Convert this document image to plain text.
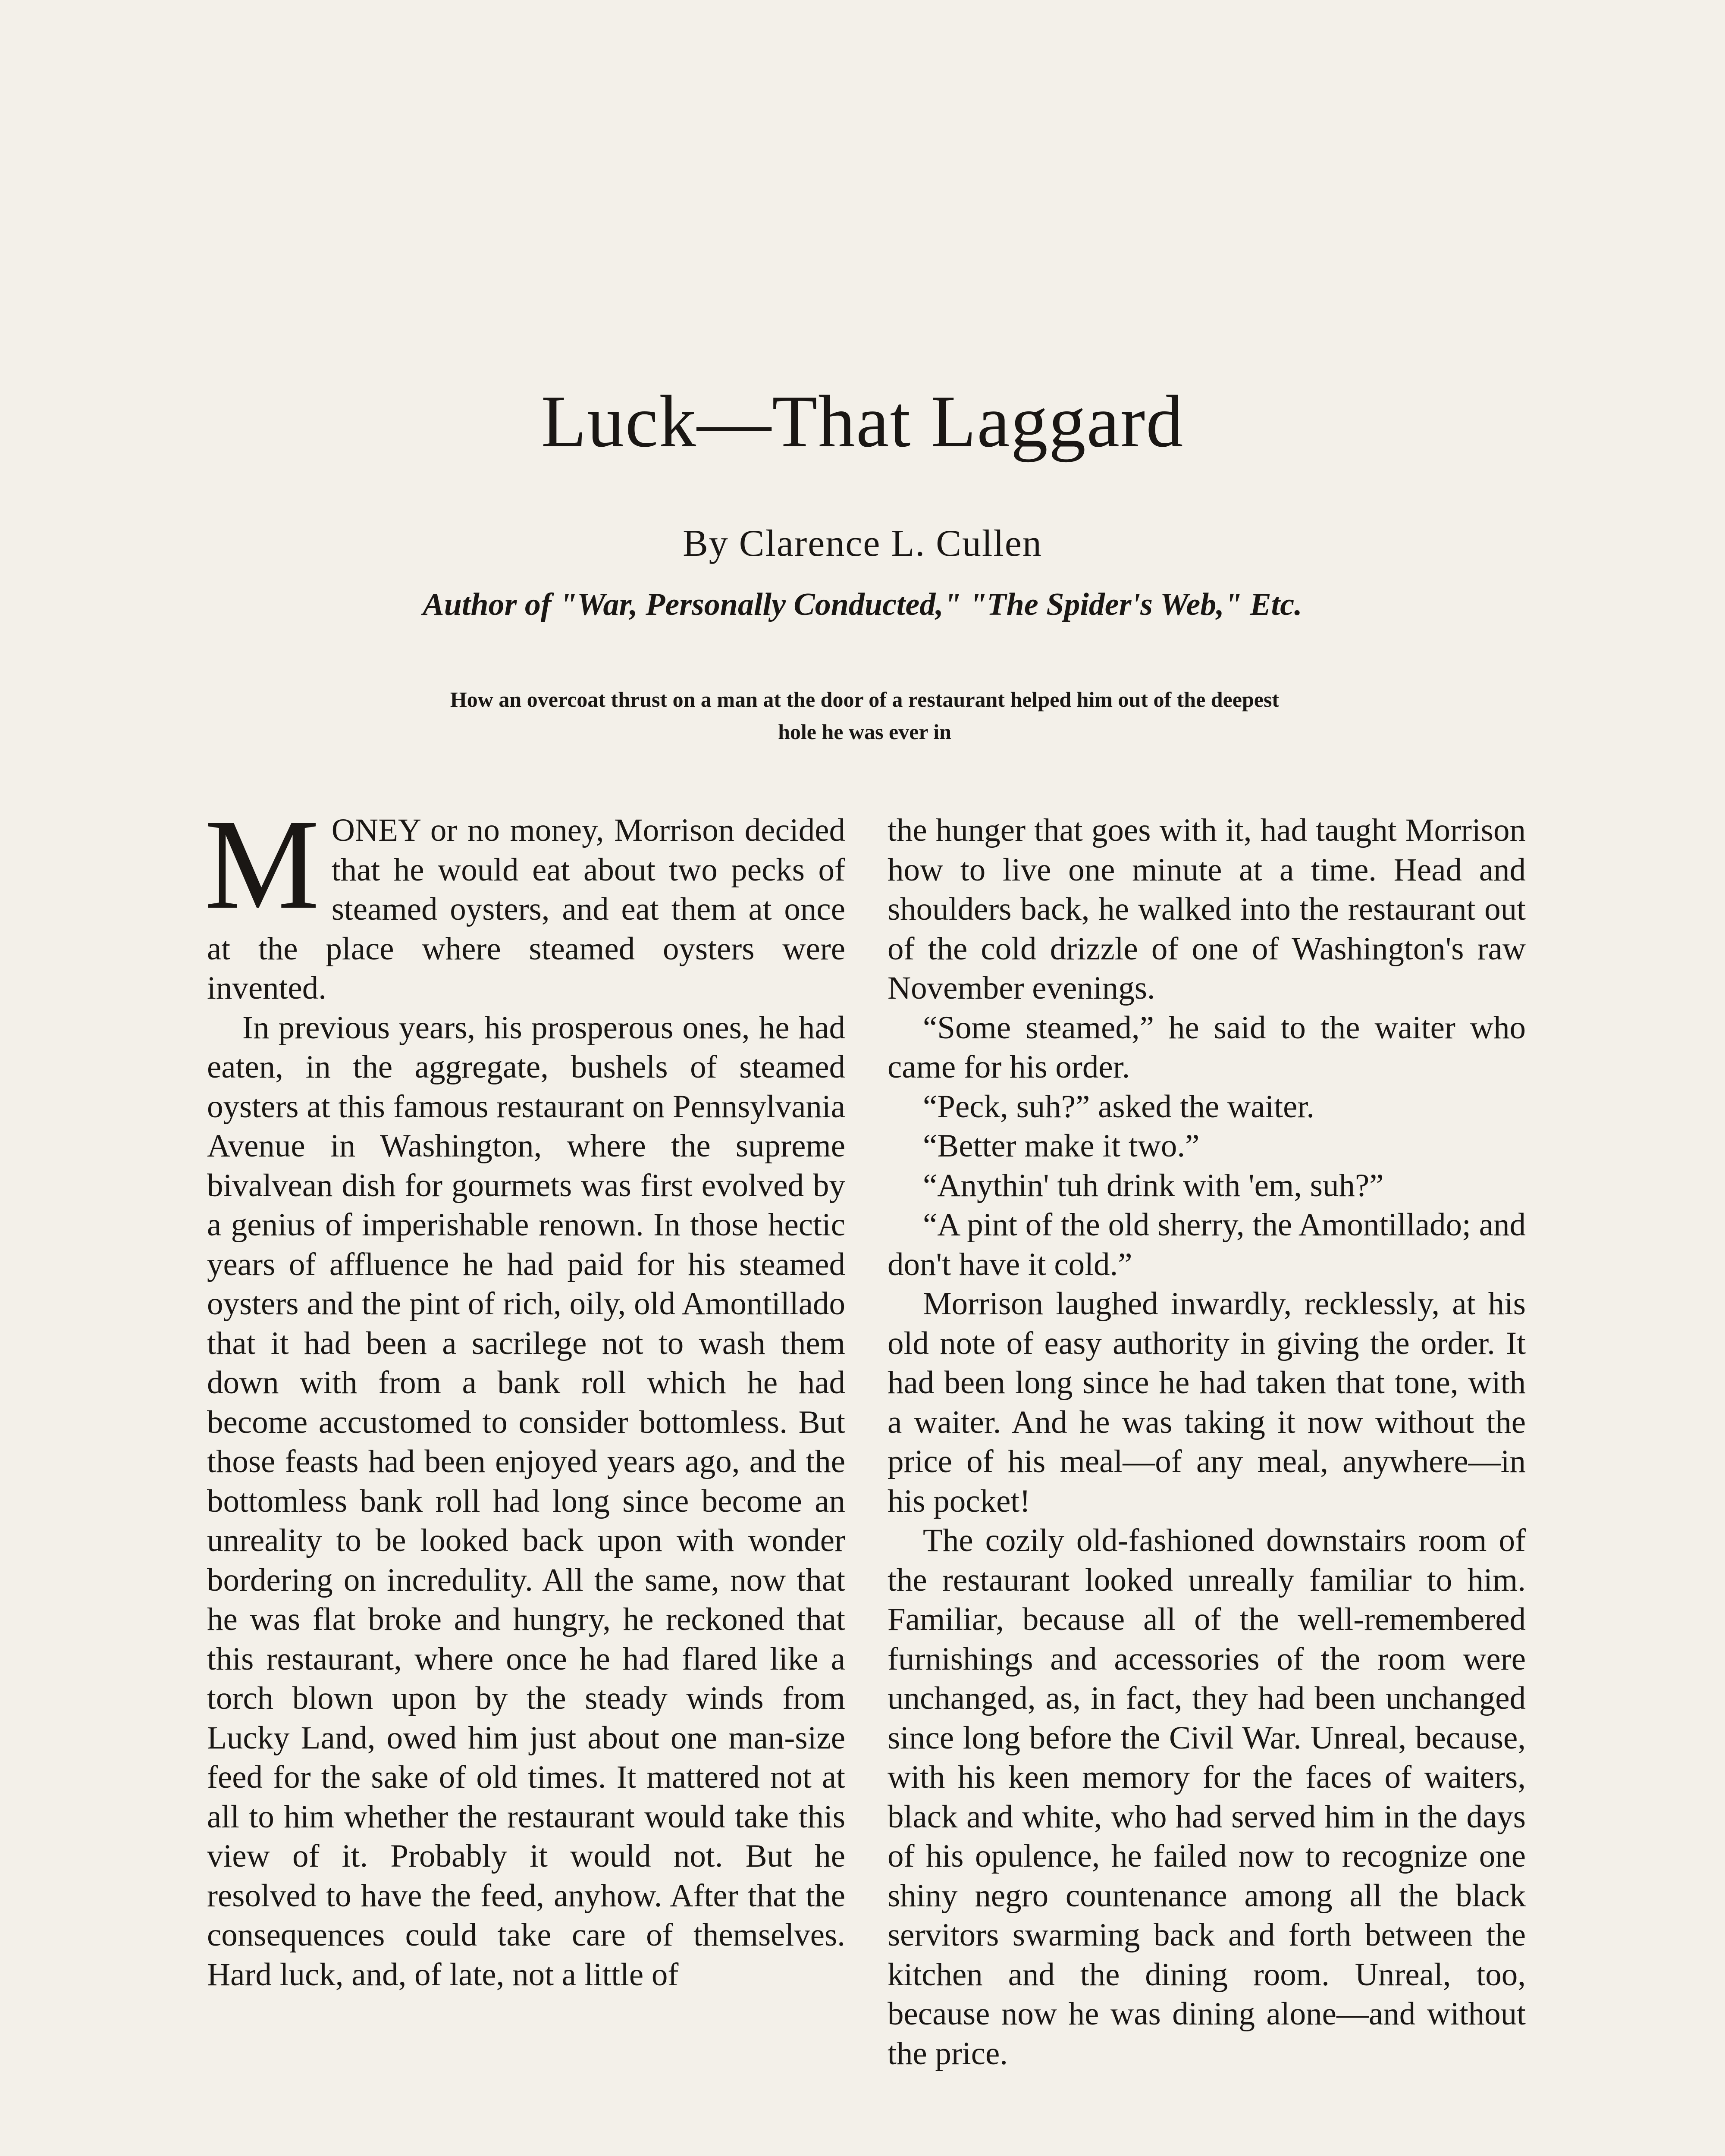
Luck—That Laggard
By Clarence L. Cullen
Author of "War, Personally Conducted," "The Spider's Web," Etc.
How an overcoat thrust on a man at the door of a restaurant helped him out of the deepest hole he was ever in

MONEY or no money, Morrison decided that he would eat about two pecks of steamed oysters, and eat them at once at the place where steamed oysters were invented.

In previous years, his prosperous ones, he had eaten, in the aggregate, bushels of steamed oysters at this famous restaurant on Pennsylvania Avenue in Washington, where the supreme bivalvean dish for gourmets was first evolved by a genius of imperishable renown. In those hectic years of affluence he had paid for his steamed oysters and the pint of rich, oily, old Amontillado that it had been a sacrilege not to wash them down with from a bank roll which he had become accustomed to consider bottomless. But those feasts had been enjoyed years ago, and the bottomless bank roll had long since become an unreality to be looked back upon with wonder bordering on incredulity. All the same, now that he was flat broke and hungry, he reckoned that this restaurant, where once he had flared like a torch blown upon by the steady winds from Lucky Land, owed him just about one man-size feed for the sake of old times. It mattered not at all to him whether the restaurant would take this view of it. Probably it would not. But he resolved to have the feed, anyhow. After that the consequences could take care of themselves. Hard luck, and, of late, not a little of

the hunger that goes with it, had taught Morrison how to live one minute at a time. Head and shoulders back, he walked into the restaurant out of the cold drizzle of one of Washington's raw November evenings.

“Some steamed,” he said to the waiter who came for his order.

“Peck, suh?” asked the waiter.

“Better make it two.”

“Anythin' tuh drink with 'em, suh?”

“A pint of the old sherry, the Amontillado; and don't have it cold.”

Morrison laughed inwardly, recklessly, at his old note of easy authority in giving the order. It had been long since he had taken that tone, with a waiter. And he was taking it now without the price of his meal—of any meal, anywhere—in his pocket!

The cozily old-fashioned downstairs room of the restaurant looked unreally familiar to him. Familiar, because all of the well-remembered furnishings and accessories of the room were unchanged, as, in fact, they had been unchanged since long before the Civil War. Unreal, because, with his keen memory for the faces of waiters, black and white, who had served him in the days of his opulence, he failed now to recognize one shiny negro countenance among all the black servitors swarming back and forth between the kitchen and the dining room. Unreal, too, because now he was dining alone—and without the price.
